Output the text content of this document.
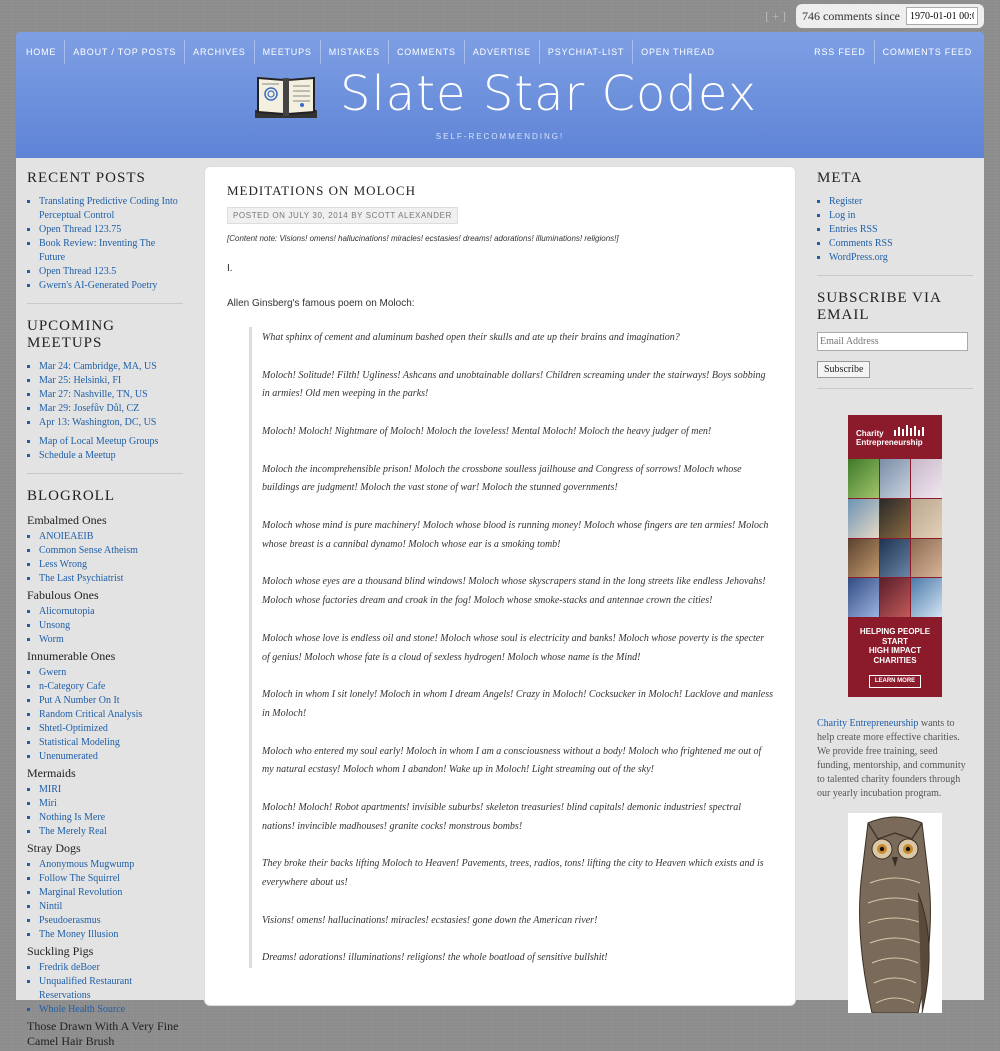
[ + ] 746 comments since
1970-01-01 00:00
HOME	ABOUT / TOP POSTS	ARCHIVES	MEETUPS	MISTAKES	COMMENTS	ADVERTISE	PSYCHIAT-LIST	OPEN THREAD	RSS FEED	COMMENTS FEED
Slate Star Codex
SELF-RECOMMENDING!
RECENT POSTS
▪ Translating Predictive Coding Into Perceptual Control
▪ Open Thread 123.75
▪ Book Review: Inventing The Future
▪ Open Thread 123.5
▪ Gwern's AI-Generated Poetry
UPCOMING MEETUPS
▪ Mar 24: Cambridge, MA, US
▪ Mar 25: Helsinki, FI
▪ Mar 27: Nashville, TN, US
▪ Mar 29: Josefův Důl, CZ
▪ Apr 13: Washington, DC, US
▪ Map of Local Meetup Groups
▪ Schedule a Meetup
BLOGROLL
Embalmed Ones
▪ ANOIEAEIB
▪ Common Sense Atheism
▪ Less Wrong
▪ The Last Psychiatrist
Fabulous Ones
▪ Alicornutopia
▪ Unsong
▪ Worm
Innumerable Ones
▪ Gwern
▪ n-Category Cafe
▪ Put A Number On It
▪ Random Critical Analysis
▪ Shtetl-Optimized
▪ Statistical Modeling
▪ Unenumerated
Mermaids
▪ MIRI
▪ Miri
▪ Nothing Is Mere
▪ The Merely Real
Stray Dogs
▪ Anonymous Mugwump
▪ Follow The Squirrel
▪ Marginal Revolution
▪ Nintil
▪ Pseudoerasmus
▪ The Money Illusion
Suckling Pigs
▪ Fredrik deBoer
▪ Unqualified Restaurant Reservations
▪ Whole Health Source
Those Drawn With A Very Fine Camel Hair Brush
MEDITATIONS ON MOLOCH
POSTED ON JULY 30, 2014 BY SCOTT ALEXANDER

[Content note: Visions! omens! hallucinations! miracles! ecstasies! dreams! adorations! illuminations! religions!]

I.

Allen Ginsberg's famous poem on Moloch:

What sphinx of cement and aluminum bashed open their skulls and ate up their brains and imagination?

Moloch! Solitude! Filth! Ugliness! Ashcans and unobtainable dollars! Children screaming under the stairways! Boys sobbing in armies! Old men weeping in the parks!

Moloch! Moloch! Nightmare of Moloch! Moloch the loveless! Mental Moloch! Moloch the heavy judger of men!

Moloch the incomprehensible prison! Moloch the crossbone soulless jailhouse and Congress of sorrows! Moloch whose buildings are judgment! Moloch the vast stone of war! Moloch the stunned governments!

Moloch whose mind is pure machinery! Moloch whose blood is running money! Moloch whose fingers are ten armies! Moloch whose breast is a cannibal dynamo! Moloch whose ear is a smoking tomb!

Moloch whose eyes are a thousand blind windows! Moloch whose skyscrapers stand in the long streets like endless Jehovahs! Moloch whose factories dream and croak in the fog! Moloch whose smoke-stacks and antennae crown the cities!

Moloch whose love is endless oil and stone! Moloch whose soul is electricity and banks! Moloch whose poverty is the specter of genius! Moloch whose fate is a cloud of sexless hydrogen! Moloch whose name is the Mind!

Moloch in whom I sit lonely! Moloch in whom I dream Angels! Crazy in Moloch! Cocksucker in Moloch! Lacklove and manless in Moloch!

Moloch who entered my soul early! Moloch in whom I am a consciousness without a body! Moloch who frightened me out of my natural ecstasy! Moloch whom I abandon! Wake up in Moloch! Light streaming out of the sky!

Moloch! Moloch! Robot apartments! invisible suburbs! skeleton treasuries! blind capitals! demonic industries! spectral nations! invincible madhouses! granite cocks! monstrous bombs!

They broke their backs lifting Moloch to Heaven! Pavements, trees, radios, tons! lifting the city to Heaven which exists and is everywhere about us!

Visions! omens! hallucinations! miracles! ecstasies! gone down the American river!

Dreams! adorations! illuminations! religions! the whole boatload of sensitive bullshit!

META
▪ Register
▪ Log in
▪ Entries RSS
▪ Comments RSS
▪ WordPress.org
SUBSCRIBE VIA EMAIL
Email Address Subscribe
Charity
Entrepreneurship
HELPING PEOPLE
START
HIGH IMPACT
CHARITIES
LEARN MORE
Charity Entrepreneurship wants to help create more effective charities. We provide free training, seed funding, mentorship, and community to talented charity founders through our yearly incubation program.
